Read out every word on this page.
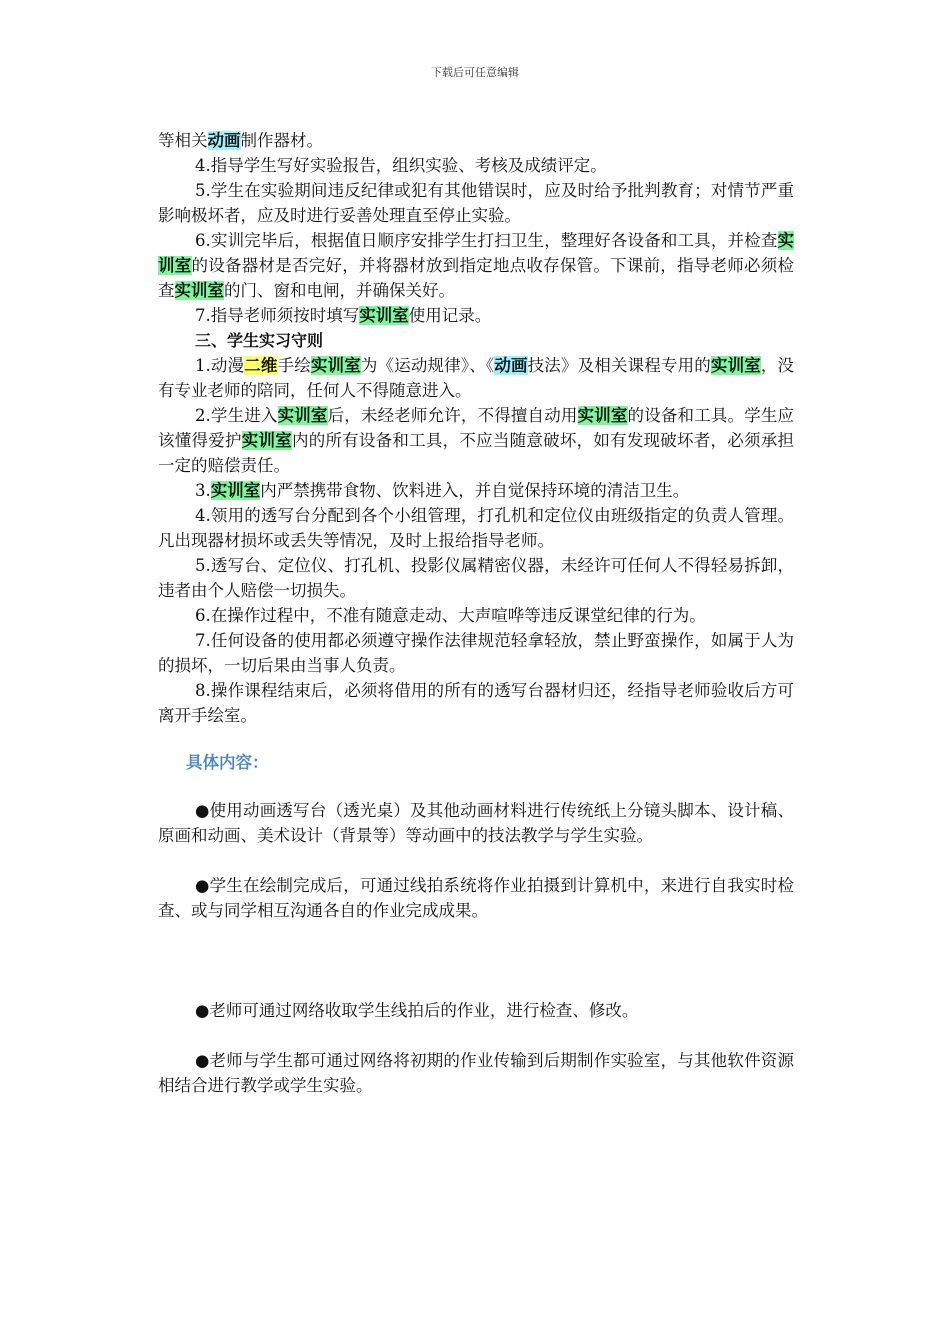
下载后可任意编辑

等相关动画制作器材。

4.指导学生写好实验报告，组织实验、考核及成绩评定。

5.学生在实验期间违反纪律或犯有其他错误时，应及时给予批判教育；对情节严重影响极坏者，应及时进行妥善处理直至停止实验。

6.实训完毕后，根据值日顺序安排学生打扫卫生，整理好各设备和工具，并检查实训室的设备器材是否完好，并将器材放到指定地点收存保管。下课前，指导老师必须检查实训室的门、窗和电闸，并确保关好。

7.指导老师须按时填写实训室使用记录。

三、学生实习守则

1.动漫二维手绘实训室为《运动规律》、《动画技法》及相关课程专用的实训室，没有专业老师的陪同，任何人不得随意进入。

2.学生进入实训室后，未经老师允许，不得擅自动用实训室的设备和工具。学生应该懂得爱护实训室内的所有设备和工具，不应当随意破坏，如有发现破坏者，必须承担一定的赔偿责任。

3.实训室内严禁携带食物、饮料进入，并自觉保持环境的清洁卫生。

4.领用的透写台分配到各个小组管理，打孔机和定位仪由班级指定的负责人管理。凡出现器材损坏或丢失等情况，及时上报给指导老师。

5.透写台、定位仪、打孔机、投影仪属精密仪器，未经许可任何人不得轻易拆卸，违者由个人赔偿一切损失。

6.在操作过程中，不准有随意走动、大声喧哗等违反课堂纪律的行为。

7.任何设备的使用都必须遵守操作法律规范轻拿轻放，禁止野蛮操作，如属于人为的损坏，一切后果由当事人负责。

8.操作课程结束后，必须将借用的所有的透写台器材归还，经指导老师验收后方可离开手绘室。

具体内容：

●使用动画透写台（透光桌）及其他动画材料进行传统纸上分镜头脚本、设计稿、原画和动画、美术设计（背景等）等动画中的技法教学与学生实验。

●学生在绘制完成后，可通过线拍系统将作业拍摄到计算机中，来进行自我实时检查、或与同学相互沟通各自的作业完成成果。

●老师可通过网络收取学生线拍后的作业，进行检查、修改。

●老师与学生都可通过网络将初期的作业传输到后期制作实验室，与其他软件资源相结合进行教学或学生实验。
